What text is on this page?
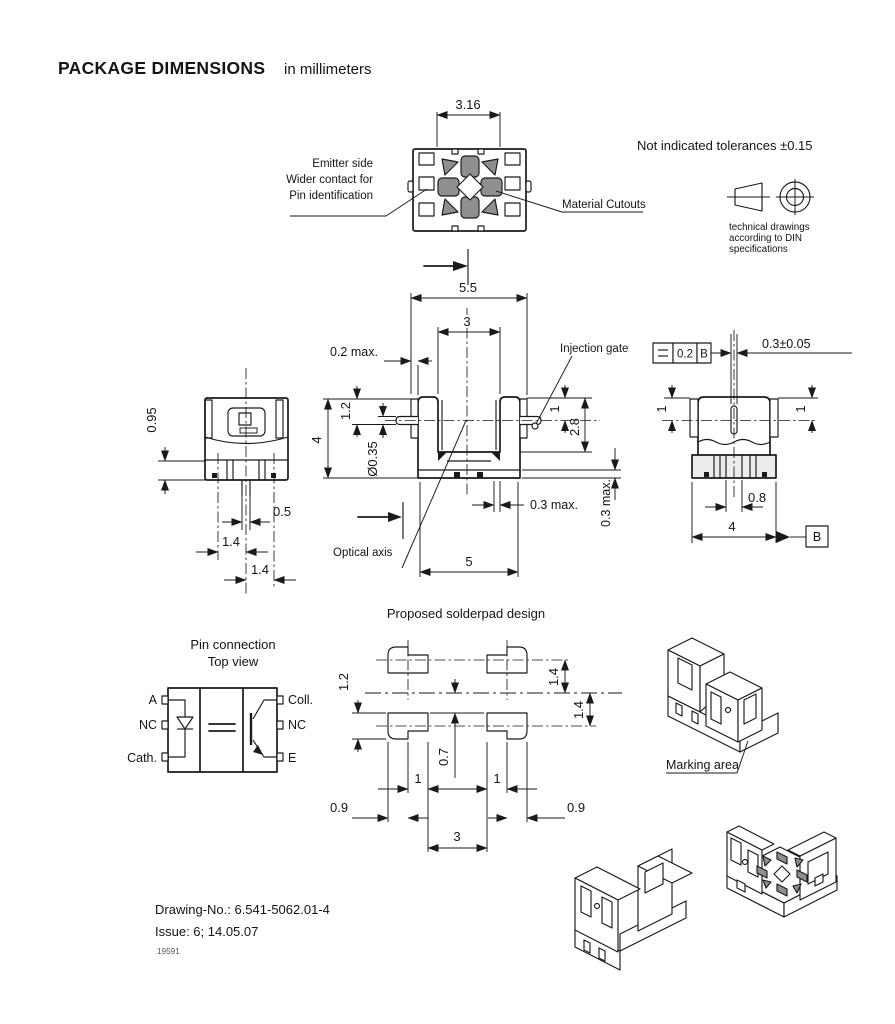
PACKAGE DIMENSIONS in millimeters
3.16
Emitter side
Wider contact for
Pin identification
Material Cutouts
Not indicated tolerances ±0.15
technical drawings
according to DIN
specifications
0.95
0.5
1.4
1.4
5.5
3
0.2 max.
1.2
4
Ø0.35
Injection gate
1
2.8
0.3 max. 0.3 max.
Optical axis
5
0.2 B
0.3±0.05
1	1
0.8
4
B
Pin connection
Top view
A
NC
Cath.
Coll.
NC
E
Proposed solderpad design
1.2	1.4
1.4
0.7
1	1
0.9	0.9
3
Marking area
Drawing-No.: 6.541-5062.01-4
Issue: 6; 14.05.07
19591
